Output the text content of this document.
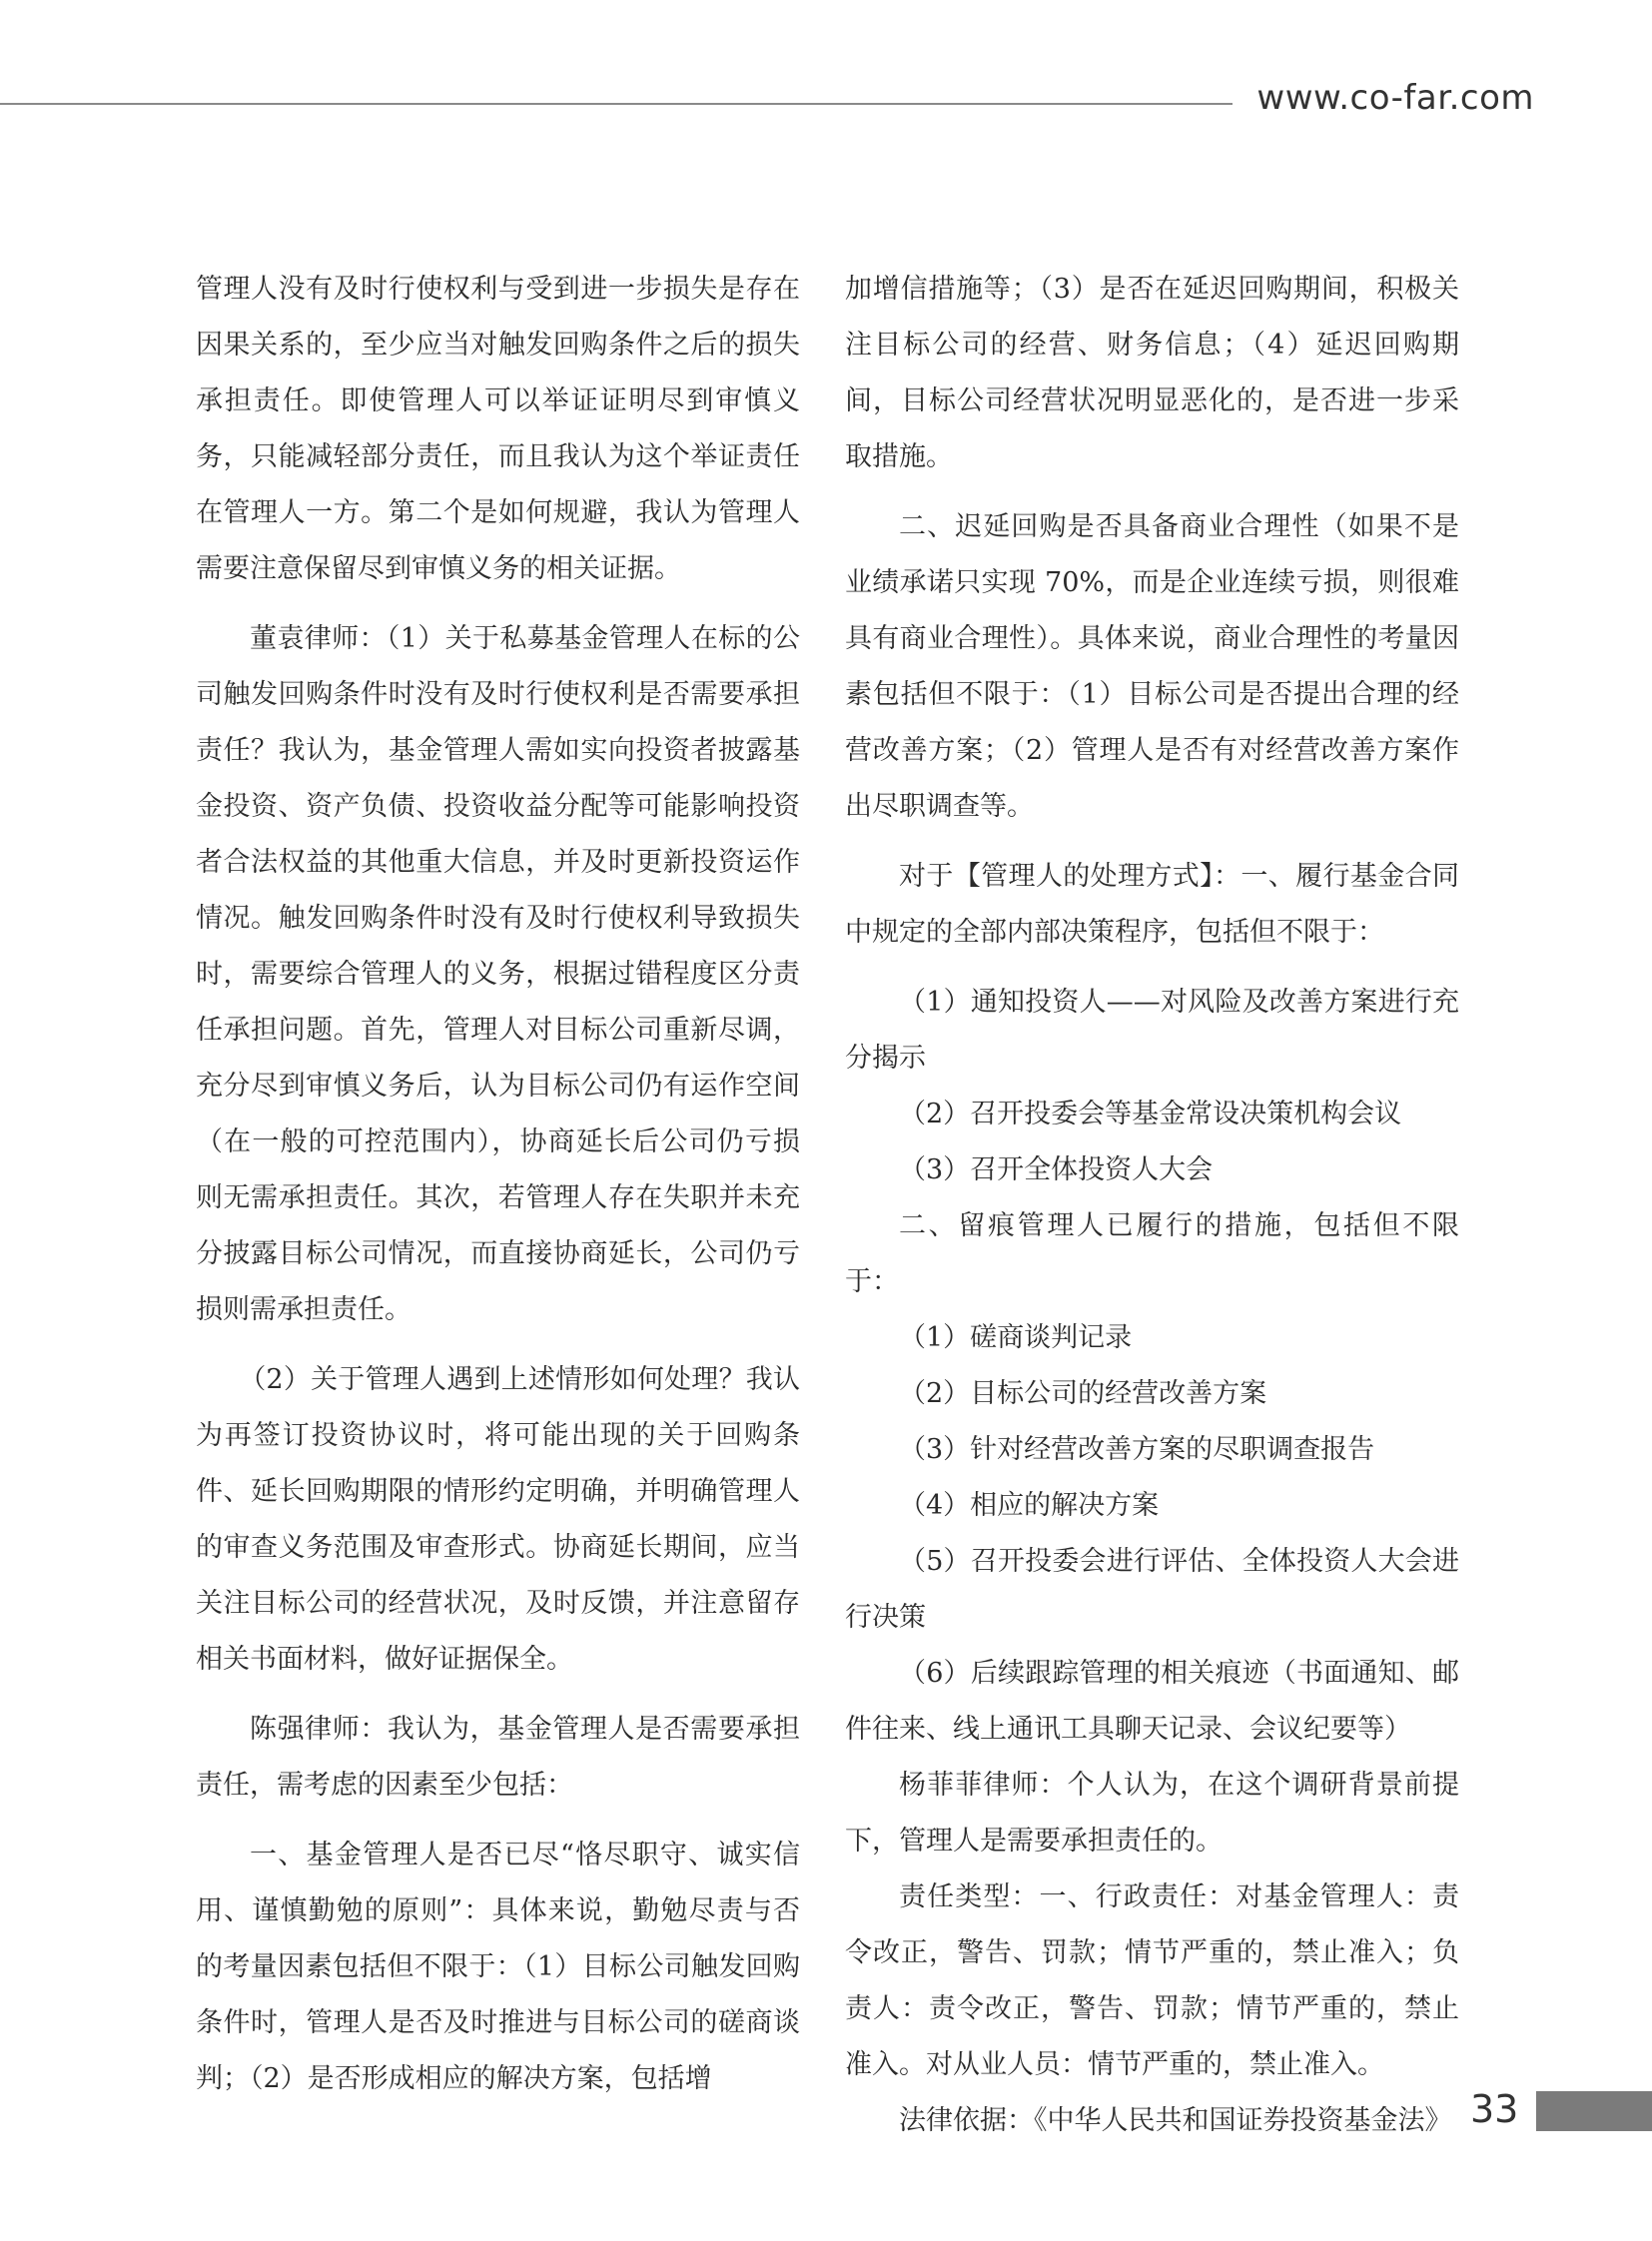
www.co-far.com

管理人没有及时行使权利与受到进一步损失是存在因果关系的，至少应当对触发回购条件之后的损失承担责任。即使管理人可以举证证明尽到审慎义务，只能减轻部分责任，而且我认为这个举证责任在管理人一方。第二个是如何规避，我认为管理人需要注意保留尽到审慎义务的相关证据。

董袁律师：（1）关于私募基金管理人在标的公司触发回购条件时没有及时行使权利是否需要承担责任？我认为，基金管理人需如实向投资者披露基金投资、资产负债、投资收益分配等可能影响投资者合法权益的其他重大信息，并及时更新投资运作情况。触发回购条件时没有及时行使权利导致损失时，需要综合管理人的义务，根据过错程度区分责任承担问题。首先，管理人对目标公司重新尽调，充分尽到审慎义务后，认为目标公司仍有运作空间（在一般的可控范围内），协商延长后公司仍亏损则无需承担责任。其次，若管理人存在失职并未充分披露目标公司情况，而直接协商延长，公司仍亏损则需承担责任。

（2）关于管理人遇到上述情形如何处理？我认为再签订投资协议时，将可能出现的关于回购条件、延长回购期限的情形约定明确，并明确管理人的审查义务范围及审查形式。协商延长期间，应当关注目标公司的经营状况，及时反馈，并注意留存相关书面材料，做好证据保全。

陈强律师：我认为，基金管理人是否需要承担责任，需考虑的因素至少包括：

一、基金管理人是否已尽“恪尽职守、诚实信用、谨慎勤勉的原则”：具体来说，勤勉尽责与否的考量因素包括但不限于：（1）目标公司触发回购条件时，管理人是否及时推进与目标公司的磋商谈判；（2）是否形成相应的解决方案，包括增

加增信措施等；（3）是否在延迟回购期间，积极关注目标公司的经营、财务信息；（4）延迟回购期间，目标公司经营状况明显恶化的，是否进一步采取措施。

二、迟延回购是否具备商业合理性（如果不是业绩承诺只实现 70%，而是企业连续亏损，则很难具有商业合理性）。具体来说，商业合理性的考量因素包括但不限于：（1）目标公司是否提出合理的经营改善方案；（2）管理人是否有对经营改善方案作出尽职调查等。

对于【管理人的处理方式】：一、履行基金合同中规定的全部内部决策程序，包括但不限于：

（1）通知投资人——对风险及改善方案进行充分揭示

（2）召开投委会等基金常设决策机构会议

（3）召开全体投资人大会

二、留痕管理人已履行的措施，包括但不限于：

（1）磋商谈判记录

（2）目标公司的经营改善方案

（3）针对经营改善方案的尽职调查报告

（4）相应的解决方案

（5）召开投委会进行评估、全体投资人大会进行决策

（6）后续跟踪管理的相关痕迹（书面通知、邮件往来、线上通讯工具聊天记录、会议纪要等）

杨菲菲律师：个人认为，在这个调研背景前提下，管理人是需要承担责任的。

责任类型：一、行政责任：对基金管理人：责令改正，警告、罚款；情节严重的，禁止准入；负责人：责令改正，警告、罚款；情节严重的，禁止准入。对从业人员：情节严重的，禁止准入。

法律依据：《中华人民共和国证券投资基金法》 33
